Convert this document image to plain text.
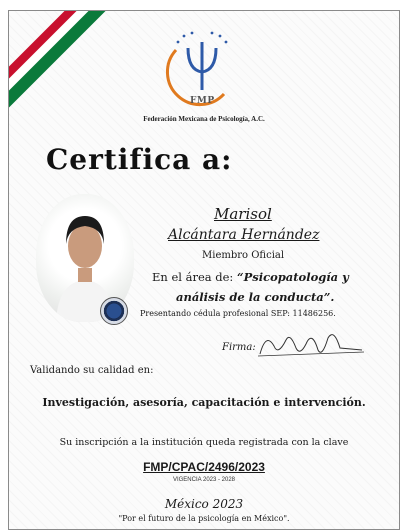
FMP
Federación Mexicana de Psicología, A.C.
Certifica a:
Marisol
Alcántara Hernández
Miembro Oficial
En el área de: “Psicopatología y
análisis de la conducta”.
Presentando cédula profesional SEP: 11486256.
Firma:
Validando su calidad en:
Investigación, asesoría, capacitación e intervención.
Su inscripción a la institución queda registrada con la clave
FMP/CPAC/2496/2023
VIGENCIA 2023 - 2028
México 2023
"Por el futuro de la psicología en México".
